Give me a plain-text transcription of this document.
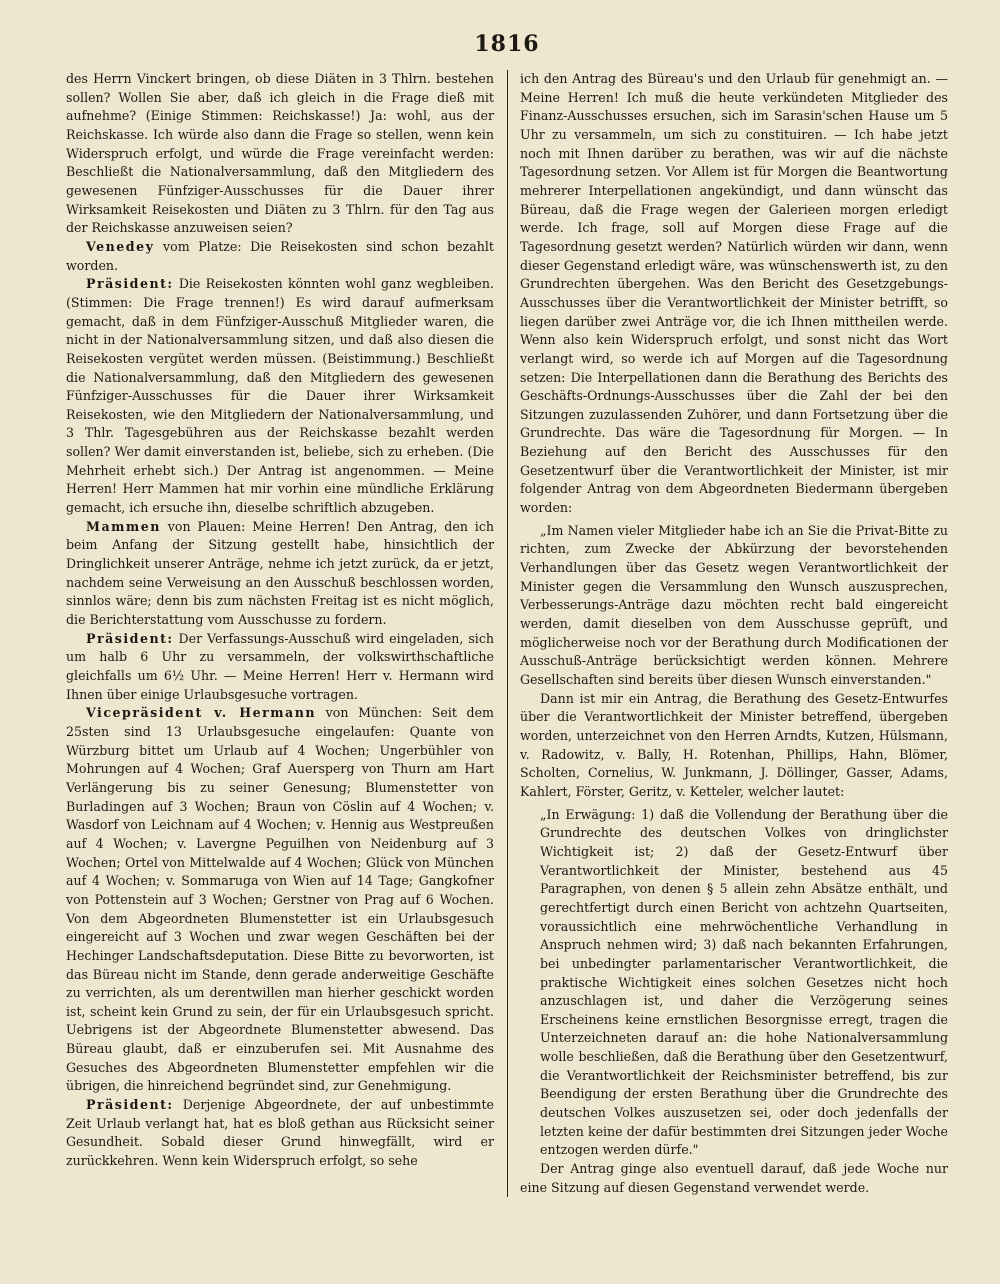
1816

des Herrn Vinckert bringen, ob diese Diäten in 3 Thlrn. bestehen sollen? Wollen Sie aber, daß ich gleich in die Frage dieß mit aufnehme? (Einige Stimmen: Reichskasse!) Ja: wohl, aus der Reichskasse. Ich würde also dann die Frage so stellen, wenn kein Widerspruch erfolgt, und würde die Frage vereinfacht werden: Beschließt die Nationalversammlung, daß den Mitgliedern des gewesenen Fünfziger-Ausschusses für die Dauer ihrer Wirksamkeit Reisekosten und Diäten zu 3 Thlrn. für den Tag aus der Reichskasse anzuweisen seien?

Venedey vom Platze: Die Reisekosten sind schon bezahlt worden.

Präsident: Die Reisekosten könnten wohl ganz wegbleiben. (Stimmen: Die Frage trennen!) Es wird darauf aufmerksam gemacht, daß in dem Fünfziger-Ausschuß Mitglieder waren, die nicht in der Nationalversammlung sitzen, und daß also diesen die Reisekosten vergütet werden müssen. (Beistimmung.) Beschließt die Nationalversammlung, daß den Mitgliedern des gewesenen Fünfziger-Ausschusses für die Dauer ihrer Wirksamkeit Reisekosten, wie den Mitgliedern der Nationalversammlung, und 3 Thlr. Tagesgebühren aus der Reichskasse bezahlt werden sollen? Wer damit einverstanden ist, beliebe, sich zu erheben. (Die Mehrheit erhebt sich.) Der Antrag ist angenommen. — Meine Herren! Herr Mammen hat mir vorhin eine mündliche Erklärung gemacht, ich ersuche ihn, dieselbe schriftlich abzugeben.

Mammen von Plauen: Meine Herren! Den Antrag, den ich beim Anfang der Sitzung gestellt habe, hinsichtlich der Dringlichkeit unserer Anträge, nehme ich jetzt zurück, da er jetzt, nachdem seine Verweisung an den Ausschuß beschlossen worden, sinnlos wäre; denn bis zum nächsten Freitag ist es nicht möglich, die Berichterstattung vom Ausschusse zu fordern.

Präsident: Der Verfassungs-Ausschuß wird eingeladen, sich um halb 6 Uhr zu versammeln, der volkswirthschaftliche gleichfalls um 6½ Uhr. — Meine Herren! Herr v. Hermann wird Ihnen über einige Urlaubsgesuche vortragen.

Vicepräsident v. Hermann von München: Seit dem 25sten sind 13 Urlaubsgesuche eingelaufen: Quante von Würzburg bittet um Urlaub auf 4 Wochen; Ungerbühler von Mohrungen auf 4 Wochen; Graf Auersperg von Thurn am Hart Verlängerung bis zu seiner Genesung; Blumenstetter von Burladingen auf 3 Wochen; Braun von Cöslin auf 4 Wochen; v. Wasdorf von Leichnam auf 4 Wochen; v. Hennig aus Westpreußen auf 4 Wochen; v. Lavergne Peguilhen von Neidenburg auf 3 Wochen; Ortel von Mittelwalde auf 4 Wochen; Glück von München auf 4 Wochen; v. Sommaruga von Wien auf 14 Tage; Gangkofner von Pottenstein auf 3 Wochen; Gerstner von Prag auf 6 Wochen. Von dem Abgeordneten Blumenstetter ist ein Urlaubsgesuch eingereicht auf 3 Wochen und zwar wegen Geschäften bei der Hechinger Landschaftsdeputation. Diese Bitte zu bevorworten, ist das Büreau nicht im Stande, denn gerade anderweitige Geschäfte zu verrichten, als um derentwillen man hierher geschickt worden ist, scheint kein Grund zu sein, der für ein Urlaubsgesuch spricht. Uebrigens ist der Abgeordnete Blumenstetter abwesend. Das Büreau glaubt, daß er einzuberufen sei. Mit Ausnahme des Gesuches des Abgeordneten Blumenstetter empfehlen wir die übrigen, die hinreichend begründet sind, zur Genehmigung.

Präsident: Derjenige Abgeordnete, der auf unbestimmte Zeit Urlaub verlangt hat, hat es bloß gethan aus Rücksicht seiner Gesundheit. Sobald dieser Grund hinwegfällt, wird er zurückkehren. Wenn kein Widerspruch erfolgt, so sehe

ich den Antrag des Büreau's und den Urlaub für genehmigt an. — Meine Herren! Ich muß die heute verkündeten Mitglieder des Finanz-Ausschusses ersuchen, sich im Sarasin'schen Hause um 5 Uhr zu versammeln, um sich zu constituiren. — Ich habe jetzt noch mit Ihnen darüber zu berathen, was wir auf die nächste Tagesordnung setzen. Vor Allem ist für Morgen die Beantwortung mehrerer Interpellationen angekündigt, und dann wünscht das Büreau, daß die Frage wegen der Galerieen morgen erledigt werde. Ich frage, soll auf Morgen diese Frage auf die Tagesordnung gesetzt werden? Natürlich würden wir dann, wenn dieser Gegenstand erledigt wäre, was wünschenswerth ist, zu den Grundrechten übergehen. Was den Bericht des Gesetzgebungs-Ausschusses über die Verantwortlichkeit der Minister betrifft, so liegen darüber zwei Anträge vor, die ich Ihnen mittheilen werde. Wenn also kein Widerspruch erfolgt, und sonst nicht das Wort verlangt wird, so werde ich auf Morgen auf die Tagesordnung setzen: Die Interpellationen dann die Berathung des Berichts des Geschäfts-Ordnungs-Ausschusses über die Zahl der bei den Sitzungen zuzulassenden Zuhörer, und dann Fortsetzung über die Grundrechte. Das wäre die Tagesordnung für Morgen. — In Beziehung auf den Bericht des Ausschusses für den Gesetzentwurf über die Verantwortlichkeit der Minister, ist mir folgender Antrag von dem Abgeordneten Biedermann übergeben worden:

„Im Namen vieler Mitglieder habe ich an Sie die Privat-Bitte zu richten, zum Zwecke der Abkürzung der bevorstehenden Verhandlungen über das Gesetz wegen Verantwortlichkeit der Minister gegen die Versammlung den Wunsch auszusprechen, Verbesserungs-Anträge dazu möchten recht bald eingereicht werden, damit dieselben von dem Ausschusse geprüft, und möglicherweise noch vor der Berathung durch Modificationen der Ausschuß-Anträge berücksichtigt werden können. Mehrere Gesellschaften sind bereits über diesen Wunsch einverstanden."

Dann ist mir ein Antrag, die Berathung des Gesetz-Entwurfes über die Verantwortlichkeit der Minister betreffend, übergeben worden, unterzeichnet von den Herren Arndts, Kutzen, Hülsmann, v. Radowitz, v. Bally, H. Rotenhan, Phillips, Hahn, Blömer, Scholten, Cornelius, W. Junkmann, J. Döllinger, Gasser, Adams, Kahlert, Förster, Geritz, v. Ketteler, welcher lautet:

„In Erwägung: 1) daß die Vollendung der Berathung über die Grundrechte des deutschen Volkes von dringlichster Wichtigkeit ist; 2) daß der Gesetz-Entwurf über Verantwortlichkeit der Minister, bestehend aus 45 Paragraphen, von denen § 5 allein zehn Absätze enthält, und gerechtfertigt durch einen Bericht von achtzehn Quartseiten, voraussichtlich eine mehrwöchentliche Verhandlung in Anspruch nehmen wird; 3) daß nach bekannten Erfahrungen, bei unbedingter parlamentarischer Verantwortlichkeit, die praktische Wichtigkeit eines solchen Gesetzes nicht hoch anzuschlagen ist, und daher die Verzögerung seines Erscheinens keine ernstlichen Besorgnisse erregt, tragen die Unterzeichneten darauf an: die hohe Nationalversammlung wolle beschließen, daß die Berathung über den Gesetzentwurf, die Verantwortlichkeit der Reichsminister betreffend, bis zur Beendigung der ersten Berathung über die Grundrechte des deutschen Volkes auszusetzen sei, oder doch jedenfalls der letzten keine der dafür bestimmten drei Sitzungen jeder Woche entzogen werden dürfe."

Der Antrag ginge also eventuell darauf, daß jede Woche nur eine Sitzung auf diesen Gegenstand verwendet werde.
